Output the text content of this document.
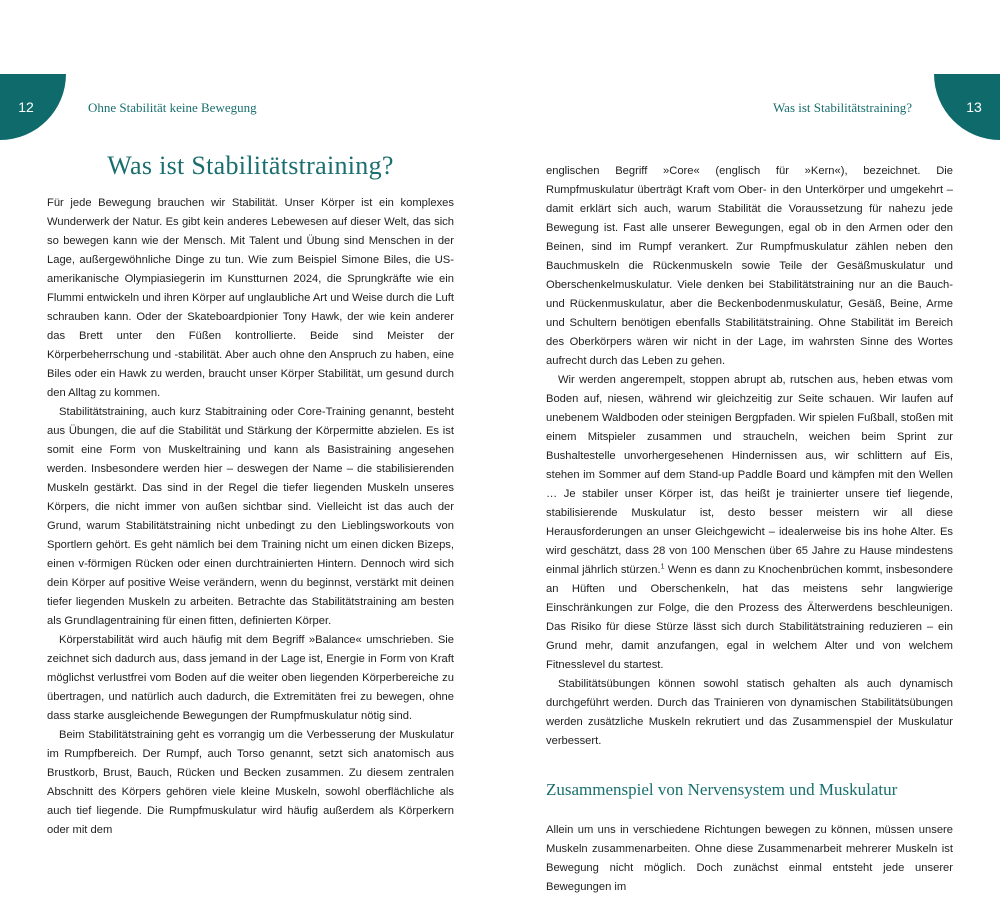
12	Ohne Stabilität keine Bewegung	13
Was ist Stabilitätstraining?
Was ist Stabilitätstraining?

Für jede Bewegung brauchen wir Stabilität. Unser Körper ist ein komplexes Wunderwerk der Natur. Es gibt kein anderes Lebewesen auf dieser Welt, das sich so bewegen kann wie der Mensch. Mit Talent und Übung sind Menschen in der Lage, außergewöhnliche Dinge zu tun. Wie zum Beispiel Simone Biles, die US-amerikanische Olympiasiegerin im Kunstturnen 2024, die Sprungkräfte wie ein Flummi entwickeln und ihren Körper auf unglaubliche Art und Weise durch die Luft schrauben kann. Oder der Skateboardpionier Tony Hawk, der wie kein anderer das Brett unter den Füßen kontrollierte. Beide sind Meister der Körperbeherrschung und -stabilität. Aber auch ohne den Anspruch zu haben, eine Biles oder ein Hawk zu werden, braucht unser Körper Stabilität, um gesund durch den Alltag zu kommen.

Stabilitätstraining, auch kurz Stabitraining oder Core-Training genannt, besteht aus Übungen, die auf die Stabilität und Stärkung der Körpermitte abzielen. Es ist somit eine Form von Muskeltraining und kann als Basistraining angesehen werden. Insbesondere werden hier – deswegen der Name – die stabilisierenden Muskeln gestärkt. Das sind in der Regel die tiefer liegenden Muskeln unseres Körpers, die nicht immer von außen sichtbar sind. Vielleicht ist das auch der Grund, warum Stabilitätstraining nicht unbedingt zu den Lieblingsworkouts von Sportlern gehört. Es geht nämlich bei dem Training nicht um einen dicken Bizeps, einen v-förmigen Rücken oder einen durchtrainierten Hintern. Dennoch wird sich dein Körper auf positive Weise verändern, wenn du beginnst, verstärkt mit deinen tiefer liegenden Muskeln zu arbeiten. Betrachte das Stabilitätstraining am besten als Grundlagentraining für einen fitten, definierten Körper.

Körperstabilität wird auch häufig mit dem Begriff »Balance« umschrieben. Sie zeichnet sich dadurch aus, dass jemand in der Lage ist, Energie in Form von Kraft möglichst verlustfrei vom Boden auf die weiter oben liegenden Körperbereiche zu übertragen, und natürlich auch dadurch, die Extremitäten frei zu bewegen, ohne dass starke ausgleichende Bewegungen der Rumpfmuskulatur nötig sind.

Beim Stabilitätstraining geht es vorrangig um die Verbesserung der Muskulatur im Rumpfbereich. Der Rumpf, auch Torso genannt, setzt sich anatomisch aus Brustkorb, Brust, Bauch, Rücken und Becken zusammen. Zu diesem zentralen Abschnitt des Körpers gehören viele kleine Muskeln, sowohl oberflächliche als auch tief liegende. Die Rumpfmuskulatur wird häufig außerdem als Körperkern oder mit dem

englischen Begriff »Core« (englisch für »Kern«), bezeichnet. Die Rumpfmuskulatur überträgt Kraft vom Ober- in den Unterkörper und umgekehrt – damit erklärt sich auch, warum Stabilität die Voraussetzung für nahezu jede Bewegung ist. Fast alle unserer Bewegungen, egal ob in den Armen oder den Beinen, sind im Rumpf verankert. Zur Rumpfmuskulatur zählen neben den Bauchmuskeln die Rückenmuskeln sowie Teile der Gesäßmuskulatur und Oberschenkelmuskulatur. Viele denken bei Stabilitätstraining nur an die Bauch- und Rückenmuskulatur, aber die Beckenbodenmuskulatur, Gesäß, Beine, Arme und Schultern benötigen ebenfalls Stabilitätstraining. Ohne Stabilität im Bereich des Oberkörpers wären wir nicht in der Lage, im wahrsten Sinne des Wortes aufrecht durch das Leben zu gehen.

Wir werden angerempelt, stoppen abrupt ab, rutschen aus, heben etwas vom Boden auf, niesen, während wir gleichzeitig zur Seite schauen. Wir laufen auf unebenem Waldboden oder steinigen Bergpfaden. Wir spielen Fußball, stoßen mit einem Mitspieler zusammen und straucheln, weichen beim Sprint zur Bushaltestelle unvorhergesehenen Hindernissen aus, wir schlittern auf Eis, stehen im Sommer auf dem Stand-up Paddle Board und kämpfen mit den Wellen … Je stabiler unser Körper ist, das heißt je trainierter unsere tief liegende, stabilisierende Muskulatur ist, desto besser meistern wir all diese Herausforderungen an unser Gleichgewicht – idealerweise bis ins hohe Alter. Es wird geschätzt, dass 28 von 100 Menschen über 65 Jahre zu Hause mindestens einmal jährlich stürzen.$^1$ Wenn es dann zu Knochenbrüchen kommt, insbesondere an Hüften und Oberschenkeln, hat das meistens sehr langwierige Einschränkungen zur Folge, die den Prozess des Älterwerdens beschleunigen. Das Risiko für diese Stürze lässt sich durch Stabilitätstraining reduzieren – ein Grund mehr, damit anzufangen, egal in welchem Alter und von welchem Fitnesslevel du startest.

Stabilitätsübungen können sowohl statisch gehalten als auch dynamisch durchgeführt werden. Durch das Trainieren von dynamischen Stabilitätsübungen werden zusätzliche Muskeln rekrutiert und das Zusammenspiel der Muskulatur verbessert.

Zusammenspiel von Nervensystem und Muskulatur

Allein um uns in verschiedene Richtungen bewegen zu können, müssen unsere Muskeln zusammenarbeiten. Ohne diese Zusammenarbeit mehrerer Muskeln ist Bewegung nicht möglich. Doch zunächst einmal entsteht jede unserer Bewegungen im
